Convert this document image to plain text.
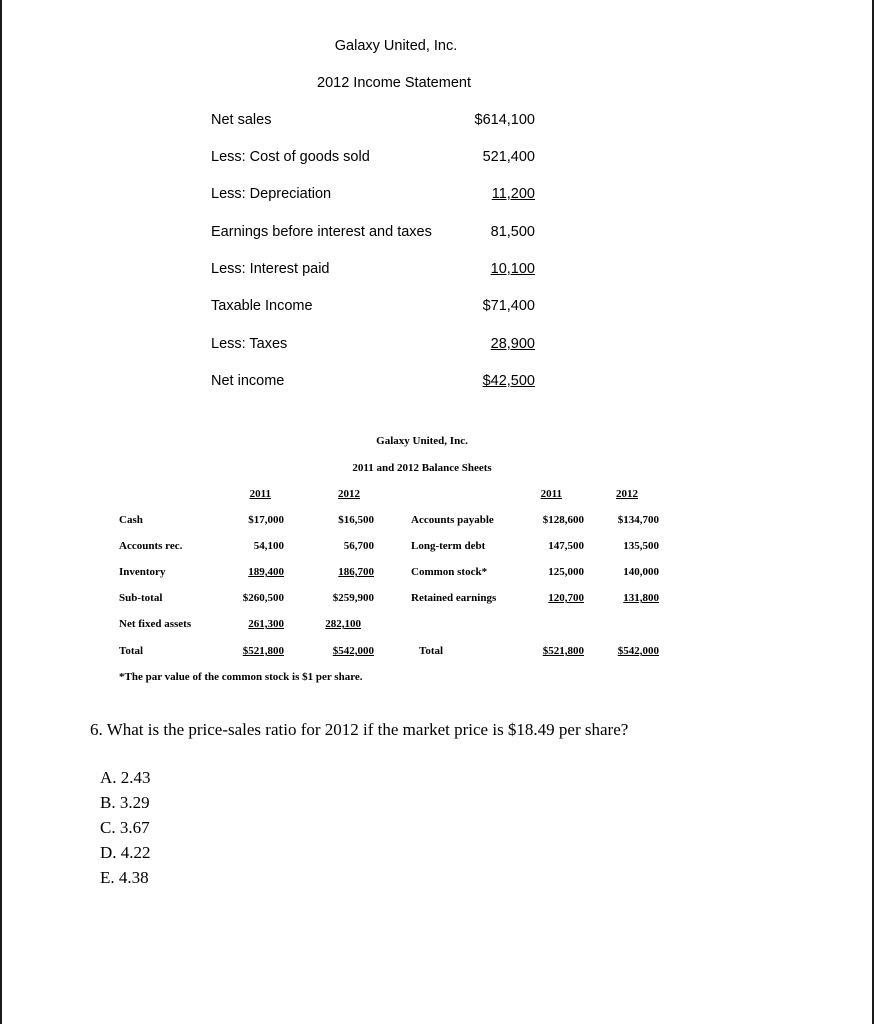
Galaxy United, Inc.
2012 Income Statement
Net sales	$614,100
Less: Cost of goods sold	521,400
Less: Depreciation	11,200
Earnings before interest and taxes	81,500
Less: Interest paid	10,100
Taxable Income	$71,400
Less: Taxes	28,900
Net income	$42,500
Galaxy United, Inc.
2011 and 2012 Balance Sheets
2011	2012	2011	2012
Cash	$17,000	$16,500	Accounts payable	$128,600	$134,700
Accounts rec.	54,100	56,700	Long-term debt	147,500	135,500
Inventory	189,400	186,700	Common stock*	125,000	140,000
Sub-total	$260,500	$259,900	Retained earnings	120,700	131,800
Net fixed assets	261,300	282,100
Total	$521,800	$542,000	Total	$521,800	$542,000
*The par value of the common stock is $1 per share.
6. What is the price-sales ratio for 2012 if the market price is $18.49 per share?
A. 2.43
B. 3.29
C. 3.67
D. 4.22
E. 4.38
